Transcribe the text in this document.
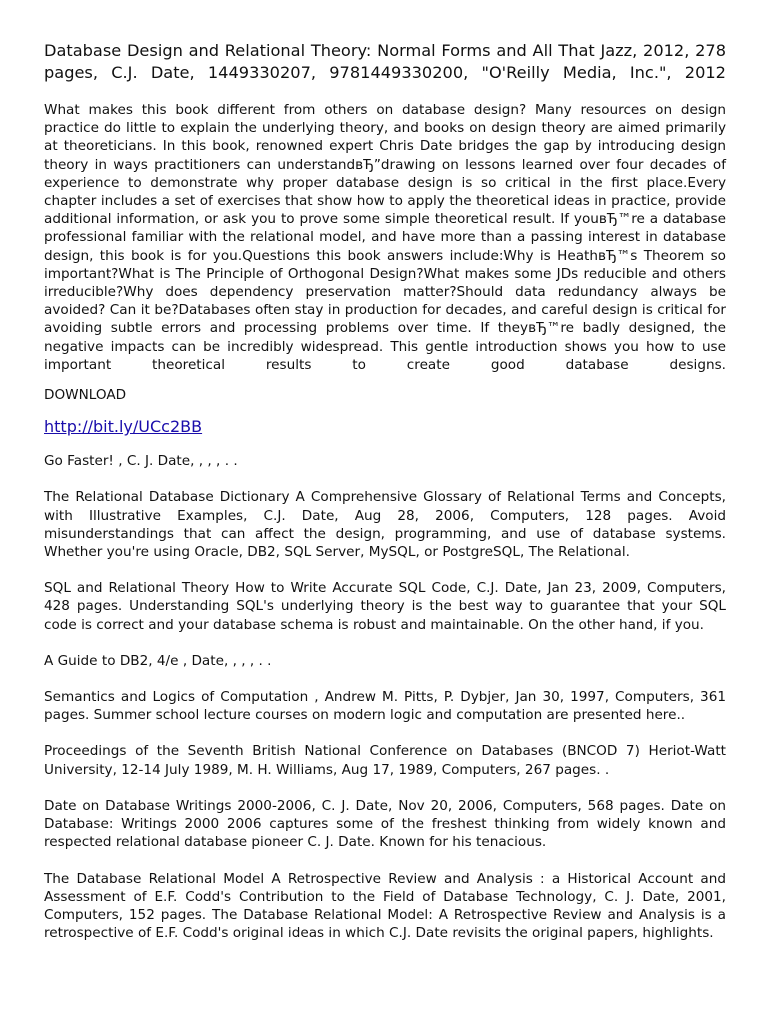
Database Design and Relational Theory: Normal Forms and All That Jazz, 2012, 278 pages, C.J. Date, 1449330207, 9781449330200, "O'Reilly Media, Inc.", 2012

What makes this book different from others on database design? Many resources on design practice do little to explain the underlying theory, and books on design theory are aimed primarily at theoreticians. In this book, renowned expert Chris Date bridges the gap by introducing design theory in ways practitioners can understandвЂ”drawing on lessons learned over four decades of experience to demonstrate why proper database design is so critical in the first place.Every chapter includes a set of exercises that show how to apply the theoretical ideas in practice, provide additional information, or ask you to prove some simple theoretical result. If youвЂ™re a database professional familiar with the relational model, and have more than a passing interest in database design, this book is for you.Questions this book answers include:Why is HeathвЂ™s Theorem so important?What is The Principle of Orthogonal Design?What makes some JDs reducible and others irreducible?Why does dependency preservation matter?Should data redundancy always be avoided? Can it be?Databases often stay in production for decades, and careful design is critical for avoiding subtle errors and processing problems over time. If theyвЂ™re badly designed, the negative impacts can be incredibly widespread. This gentle introduction shows you how to use important theoretical results to create good database designs.

DOWNLOAD

http://bit.ly/UCc2BB

Go Faster! , C. J. Date, , , , . .

The Relational Database Dictionary A Comprehensive Glossary of Relational Terms and Concepts, with Illustrative Examples, C.J. Date, Aug 28, 2006, Computers, 128 pages. Avoid misunderstandings that can affect the design, programming, and use of database systems. Whether you're using Oracle, DB2, SQL Server, MySQL, or PostgreSQL, The Relational.

SQL and Relational Theory How to Write Accurate SQL Code, C.J. Date, Jan 23, 2009, Computers, 428 pages. Understanding SQL's underlying theory is the best way to guarantee that your SQL code is correct and your database schema is robust and maintainable. On the other hand, if you.

A Guide to DB2, 4/e , Date, , , , . .

Semantics and Logics of Computation , Andrew M. Pitts, P. Dybjer, Jan 30, 1997, Computers, 361 pages. Summer school lecture courses on modern logic and computation are presented here..

Proceedings of the Seventh British National Conference on Databases (BNCOD 7) Heriot-Watt University, 12-14 July 1989, M. H. Williams, Aug 17, 1989, Computers, 267 pages. .

Date on Database Writings 2000-2006, C. J. Date, Nov 20, 2006, Computers, 568 pages. Date on Database: Writings 2000 2006 captures some of the freshest thinking from widely known and respected relational database pioneer C. J. Date. Known for his tenacious.

The Database Relational Model A Retrospective Review and Analysis : a Historical Account and Assessment of E.F. Codd's Contribution to the Field of Database Technology, C. J. Date, 2001, Computers, 152 pages. The Database Relational Model: A Retrospective Review and Analysis is a retrospective of E.F. Codd's original ideas in which C.J. Date revisits the original papers, highlights.
